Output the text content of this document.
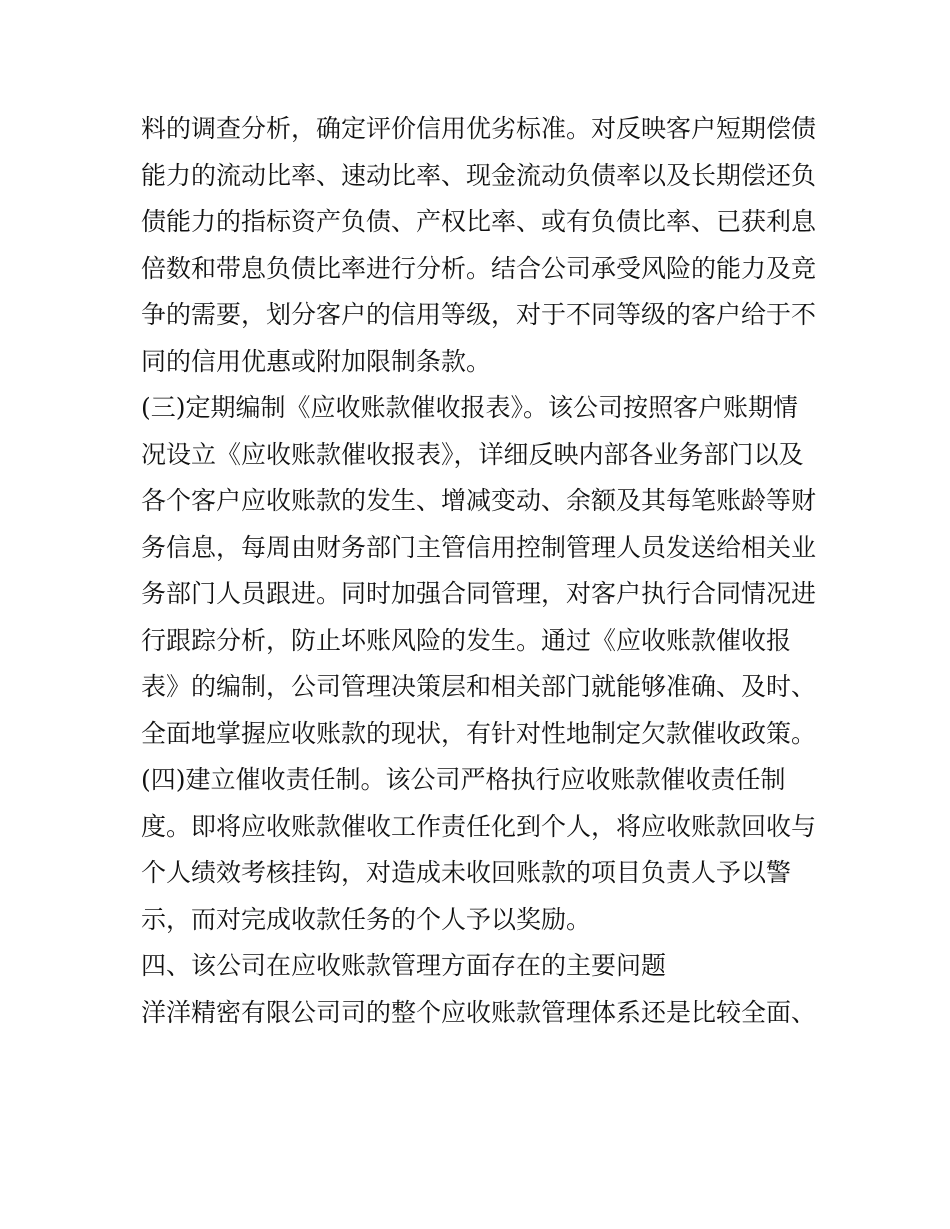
料的调查分析，确定评价信用优劣标准。对反映客户短期偿债
能力的流动比率、速动比率、现金流动负债率以及长期偿还负
债能力的指标资产负债、产权比率、或有负债比率、已获利息
倍数和带息负债比率进行分析。结合公司承受风险的能力及竞
争的需要，划分客户的信用等级，对于不同等级的客户给于不
同的信用优惠或附加限制条款。
(三)定期编制《应收账款催收报表》。该公司按照客户账期情
况设立《应收账款催收报表》，详细反映内部各业务部门以及
各个客户应收账款的发生、增减变动、余额及其每笔账龄等财
务信息，每周由财务部门主管信用控制管理人员发送给相关业
务部门人员跟进。同时加强合同管理，对客户执行合同情况进
行跟踪分析，防止坏账风险的发生。通过《应收账款催收报
表》的编制，公司管理决策层和相关部门就能够准确、及时、
全面地掌握应收账款的现状，有针对性地制定欠款催收政策。
(四)建立催收责任制。该公司严格执行应收账款催收责任制
度。即将应收账款催收工作责任化到个人，将应收账款回收与
个人绩效考核挂钩，对造成未收回账款的项目负责人予以警
示，而对完成收款任务的个人予以奖励。
四、该公司在应收账款管理方面存在的主要问题
洋洋精密有限公司司的整个应收账款管理体系还是比较全面、
